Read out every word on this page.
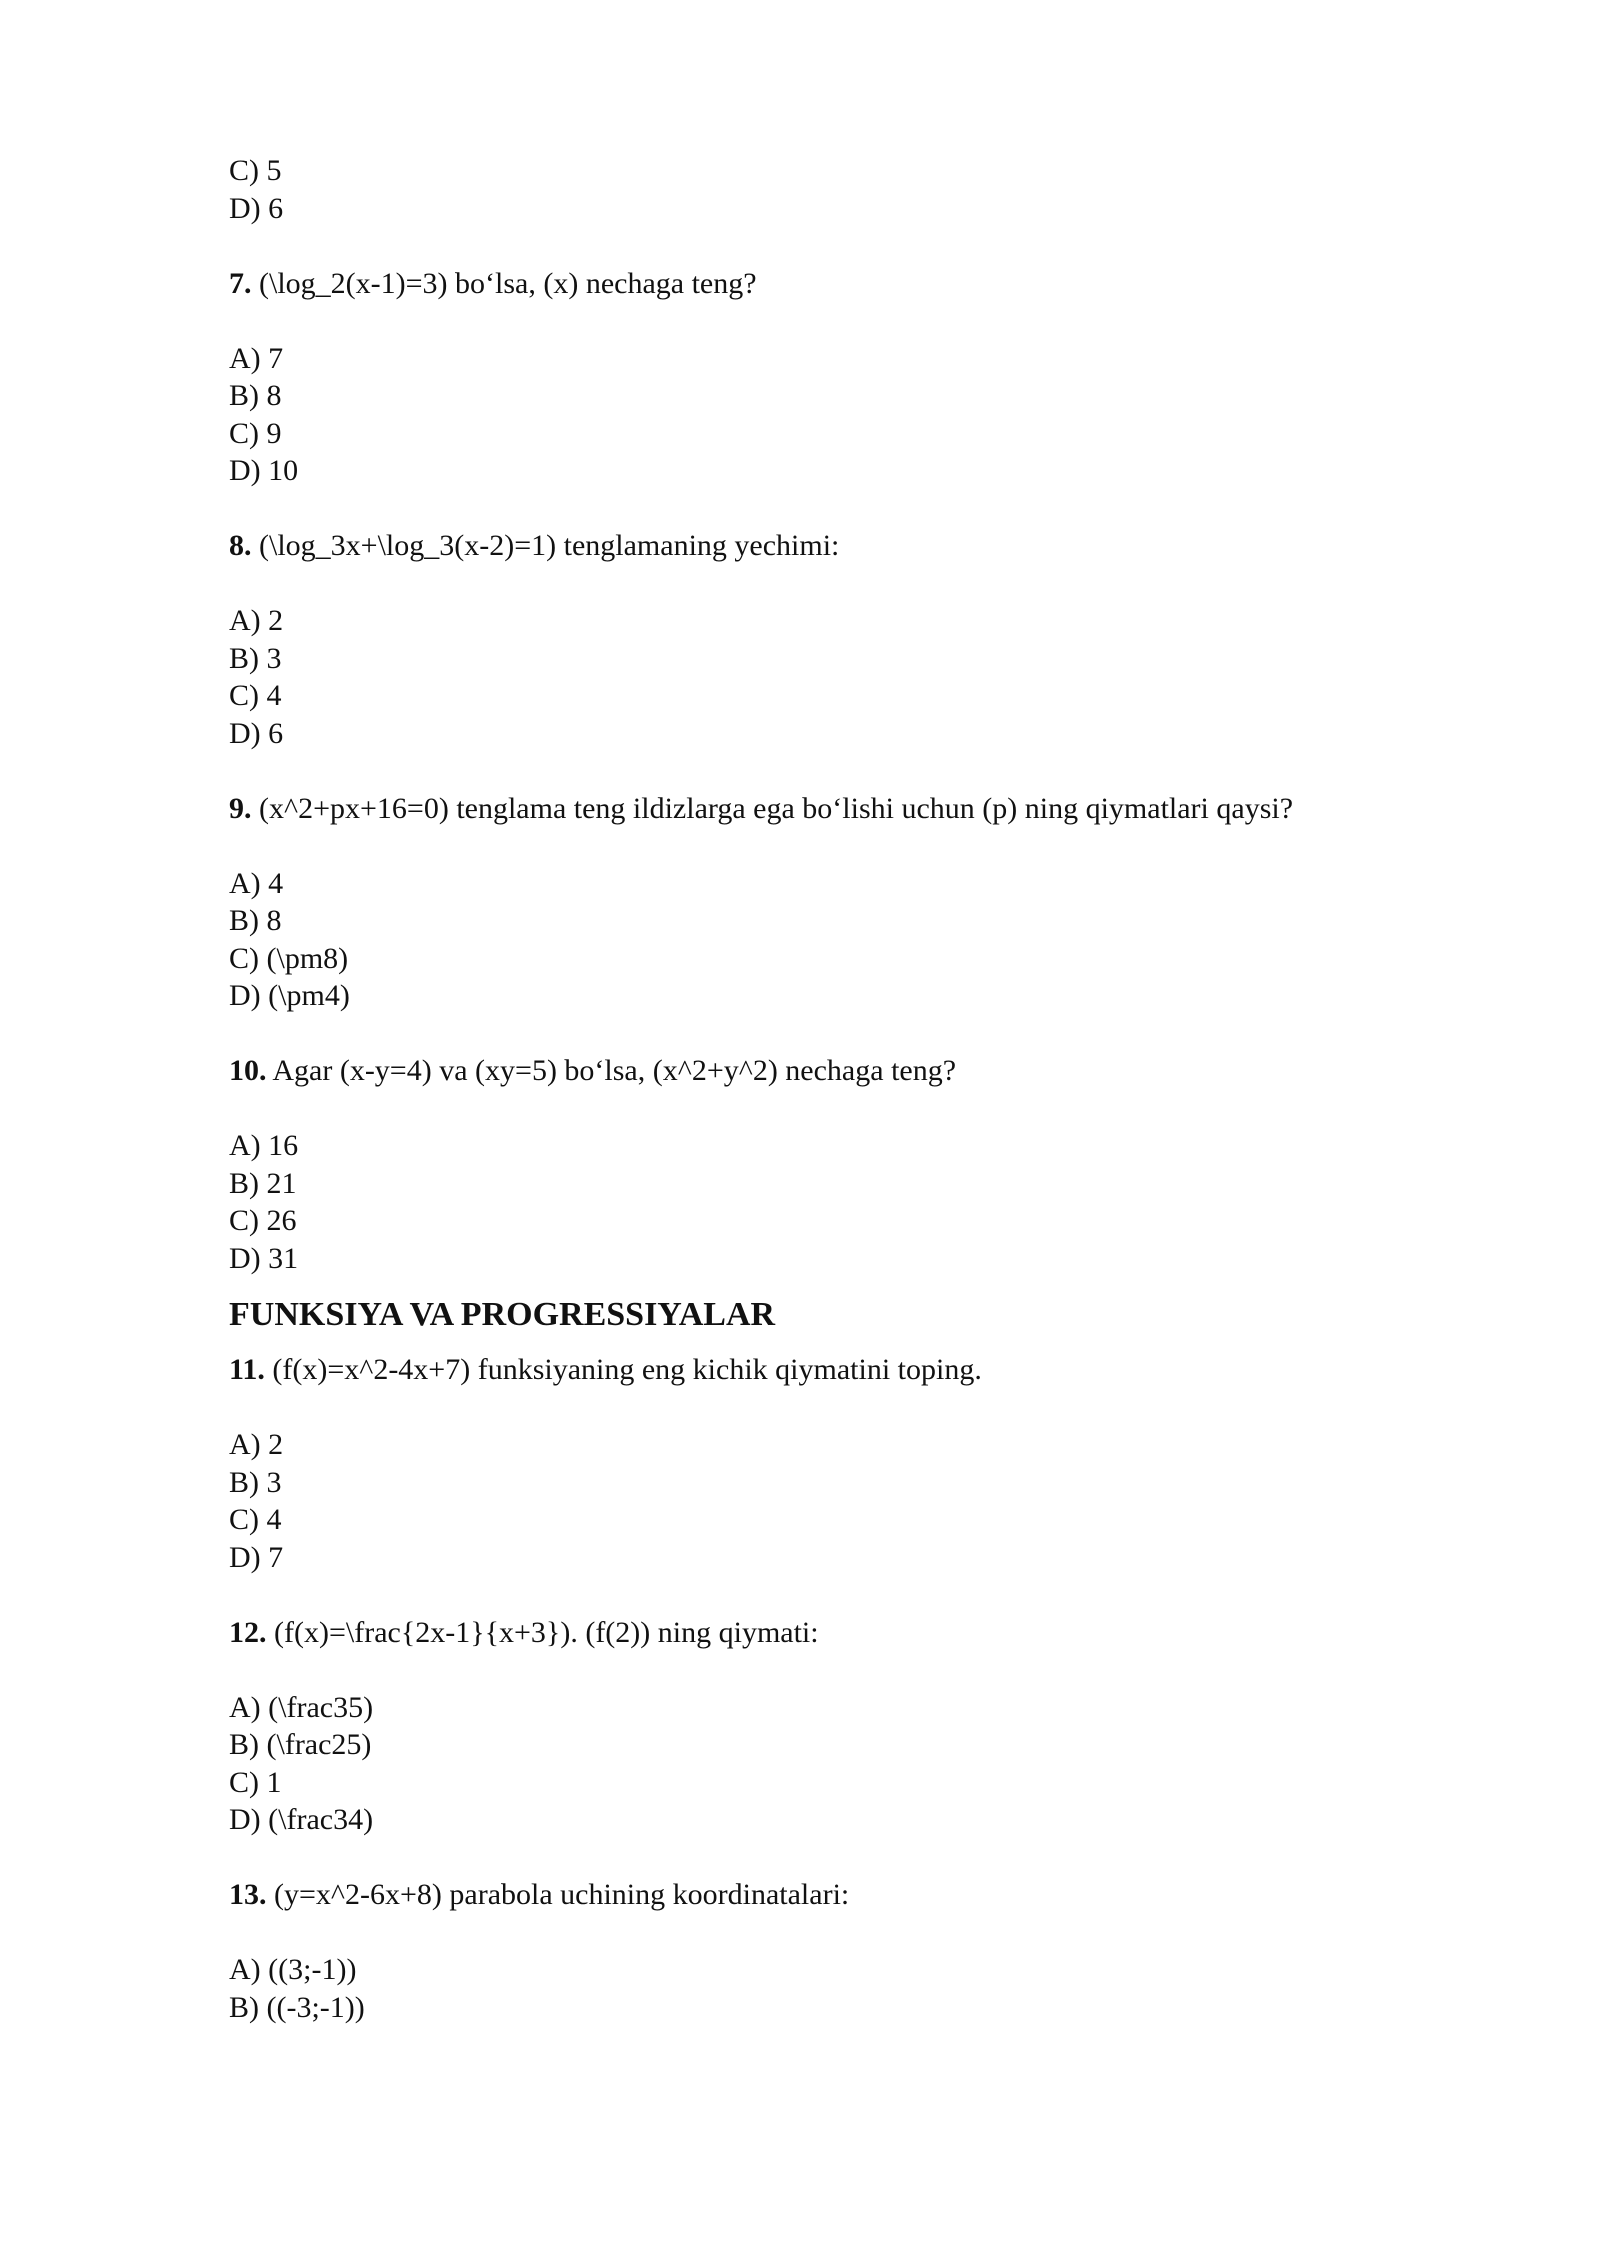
C) 5
D) 6
7. (\log_2(x-1)=3) bo‘lsa, (x) nechaga teng?
A) 7
B) 8
C) 9
D) 10
8. (\log_3x+\log_3(x-2)=1) tenglamaning yechimi:
A) 2
B) 3
C) 4
D) 6
9. (x^2+px+16=0) tenglama teng ildizlarga ega bo‘lishi uchun (p) ning qiymatlari qaysi?
A) 4
B) 8
C) (\pm8)
D) (\pm4)
10. Agar (x-y=4) va (xy=5) bo‘lsa, (x^2+y^2) nechaga teng?
A) 16
B) 21
C) 26
D) 31
FUNKSIYA VA PROGRESSIYALAR
11. (f(x)=x^2-4x+7) funksiyaning eng kichik qiymatini toping.
A) 2
B) 3
C) 4
D) 7
12. (f(x)=\frac{2x-1}{x+3}). (f(2)) ning qiymati:
A) (\frac35)
B) (\frac25)
C) 1
D) (\frac34)
13. (y=x^2-6x+8) parabola uchining koordinatalari:
A) ((3;-1))
B) ((-3;-1))
